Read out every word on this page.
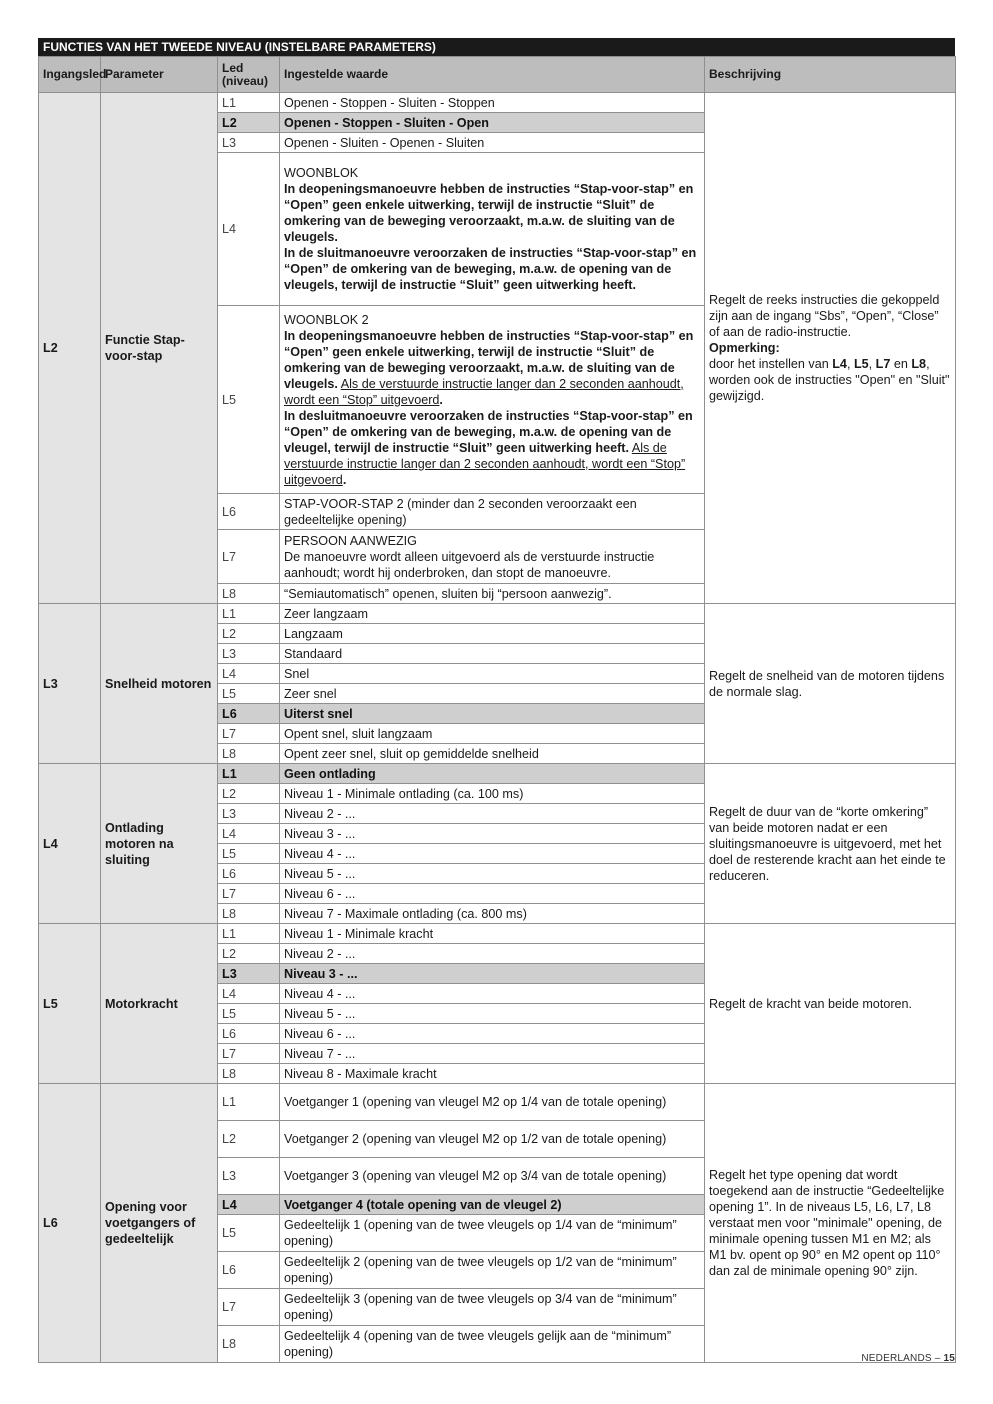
FUNCTIES VAN HET TWEEDE NIVEAU (INSTELBARE PARAMETERS)
Ingangsled	Parameter	Led
(niveau)	Ingestelde waarde	Beschrijving
L2	Functie Stap-voor-stap	L1	Openen - Stoppen - Sluiten - Stoppen	Regelt de reeks instructies die gekoppeld zijn aan de ingang “Sbs”, “Open”, “Close” of aan de radio-instructie.
Opmerking:
door het instellen van L4, L5, L7 en L8, worden ook de instructies "Open" en "Sluit" gewijzigd.
		L2	Openen - Stoppen - Sluiten - Open	
		L3	Openen - Sluiten - Openen - Sluiten	
		L4	WOONBLOK
In deopeningsmanoeuvre hebben de instructies “Stap-voor-stap” en “Open” geen enkele uitwerking, terwijl de instructie “Sluit” de omkering van de beweging veroorzaakt, m.a.w. de sluiting van de vleugels.
In de sluitmanoeuvre veroorzaken de instructies “Stap-voor-stap” en “Open” de omkering van de beweging, m.a.w. de opening van de vleugels, terwijl de instructie “Sluit” geen uitwerking heeft.	
		L5	WOONBLOK 2
In deopeningsmanoeuvre hebben de instructies “Stap-voor-stap” en “Open” geen enkele uitwerking, terwijl de instructie “Sluit” de omkering van de beweging veroorzaakt, m.a.w. de sluiting van de vleugels. Als de verstuurde instructie langer dan 2 seconden aanhoudt, wordt een “Stop” uitgevoerd.
In desluitmanoeuvre veroorzaken de instructies “Stap-voor-stap” en “Open” de omkering van de beweging, m.a.w. de opening van de vleugel, terwijl de instructie “Sluit” geen uitwerking heeft. Als de verstuurde instructie langer dan 2 seconden aanhoudt, wordt een “Stop” uitgevoerd.	
		L6	STAP-VOOR-STAP 2 (minder dan 2 seconden veroorzaakt een gedeeltelijke opening)	
		L7	PERSOON AANWEZIG
De manoeuvre wordt alleen uitgevoerd als de verstuurde instructie aanhoudt; wordt hij onderbroken, dan stopt de manoeuvre.	
		L8	“Semiautomatisch” openen, sluiten bij “persoon aanwezig”.	
L3	Snelheid motoren	L1	Zeer langzaam	Regelt de snelheid van de motoren tijdens de normale slag.
		L2	Langzaam	
		L3	Standaard	
		L4	Snel	
		L5	Zeer snel	
		L6	Uiterst snel	
		L7	Opent snel, sluit langzaam	
		L8	Opent zeer snel, sluit op gemiddelde snelheid	
L4	Ontlading motoren na sluiting	L1	Geen ontlading	Regelt de duur van de “korte omkering” van beide motoren nadat er een sluitingsmanoeuvre is uitgevoerd, met het doel de resterende kracht aan het einde te reduceren.
		L2	Niveau 1 - Minimale ontlading (ca. 100 ms)	
		L3	Niveau 2 - ...	
		L4	Niveau 3 - ...	
		L5	Niveau 4 - ...	
		L6	Niveau 5 - ...	
		L7	Niveau 6 - ...	
		L8	Niveau 7 - Maximale ontlading (ca. 800 ms)	
L5	Motorkracht	L1	Niveau 1 - Minimale kracht	Regelt de kracht van beide motoren.
		L2	Niveau 2 - ...	
		L3	Niveau 3 - ...	
		L4	Niveau 4 - ...	
		L5	Niveau 5 - ...	
		L6	Niveau 6 - ...	
		L7	Niveau 7 - ...	
		L8	Niveau 8 - Maximale kracht	
L6	Opening voor voetgangers of gedeeltelijk	L1	Voetganger 1 (opening van vleugel M2 op 1/4 van de totale opening)	Regelt het type opening dat wordt toegekend aan de instructie “Gedeeltelijke opening 1”. In de niveaus L5, L6, L7, L8 verstaat men voor "minimale" opening, de minimale opening tussen M1 en M2; als M1 bv. opent op 90° en M2 opent op 110° dan zal de minimale opening 90° zijn.
		L2	Voetganger 2 (opening van vleugel M2 op 1/2 van de totale opening)	
		L3	Voetganger 3 (opening van vleugel M2 op 3/4 van de totale opening)	
		L4	Voetganger 4 (totale opening van de vleugel 2)	
		L5	Gedeeltelijk 1 (opening van de twee vleugels op 1/4 van de “minimum” opening)	
		L6	Gedeeltelijk 2 (opening van de twee vleugels op 1/2 van de “minimum” opening)	
		L7	Gedeeltelijk 3 (opening van de twee vleugels op 3/4 van de “minimum” opening)	
		L8	Gedeeltelijk 4 (opening van de twee vleugels gelijk aan de “minimum” opening)		NEDERLANDS – 15
